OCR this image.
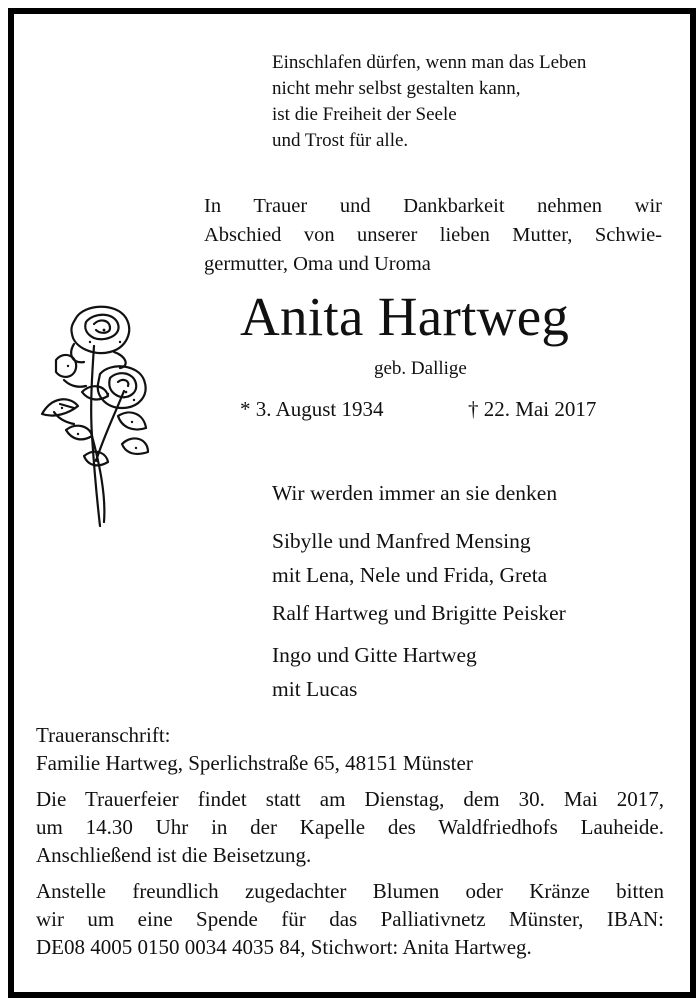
Einschlafen dürfen, wenn man das Leben
nicht mehr selbst gestalten kann,
ist die Freiheit der Seele
und Trost für alle.
In Trauer und Dankbarkeit nehmen wir
Abschied von unserer lieben Mutter, Schwie-
germutter, Oma und Uroma
Anita Hartweg
geb. Dallige
* 3. August 1934	† 22. Mai 2017
Wir werden immer an sie denken
Sibylle und Manfred Mensing
mit Lena, Nele und Frida, Greta
Ralf Hartweg und Brigitte Peisker
Ingo und Gitte Hartweg
mit Lucas
Traueranschrift:
Familie Hartweg, Sperlichstraße 65, 48151 Münster
Die Trauerfeier findet statt am Dienstag, dem 30. Mai 2017,
um 14.30 Uhr in der Kapelle des Waldfriedhofs Lauheide.
Anschließend ist die Beisetzung.
Anstelle freundlich zugedachter Blumen oder Kränze bitten
wir um eine Spende für das Palliativnetz Münster, IBAN:
DE08 4005 0150 0034 4035 84, Stichwort: Anita Hartweg.
